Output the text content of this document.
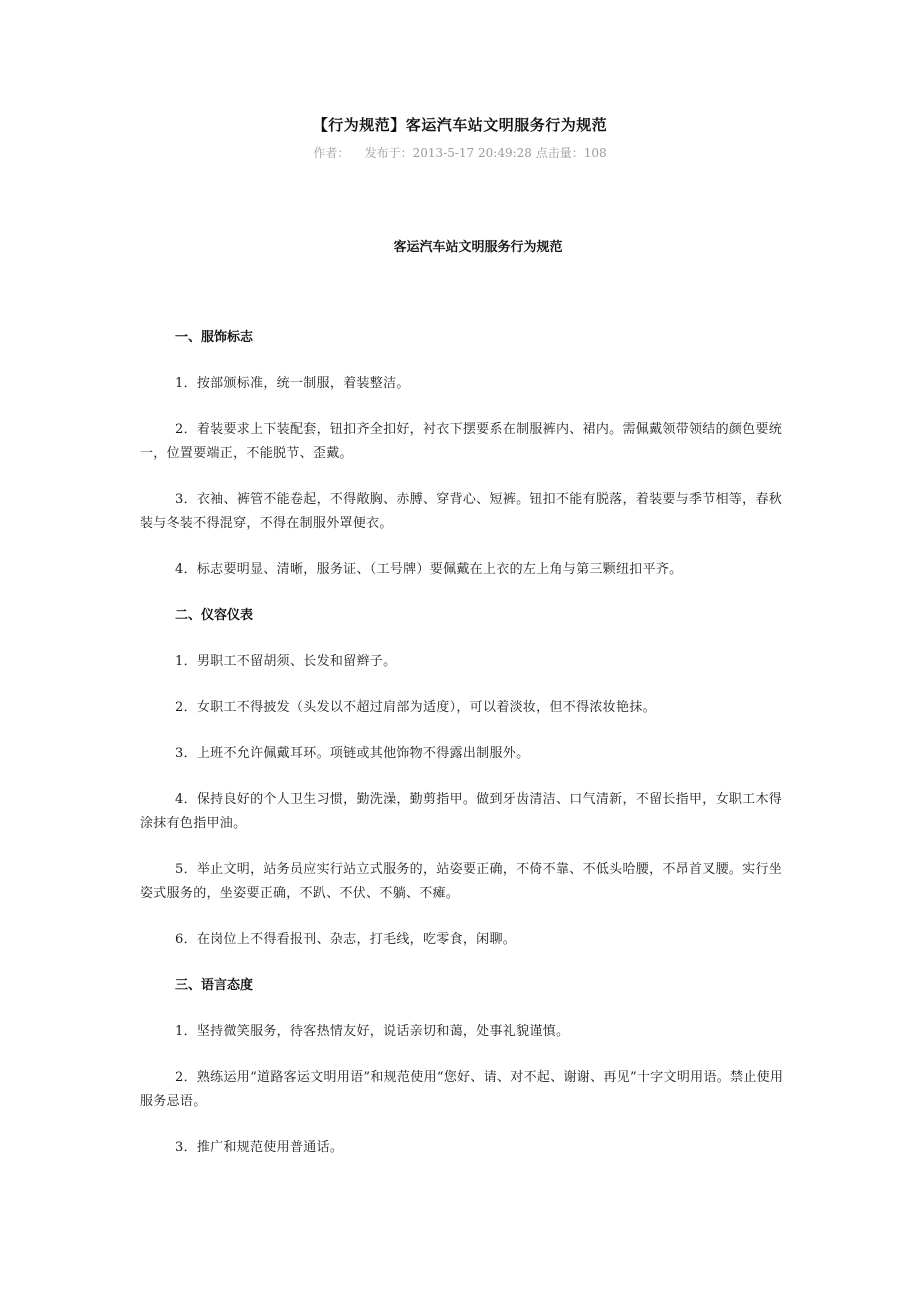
【行为规范】客运汽车站文明服务行为规范
作者： 发布于：2013-5-17 20:49:28 点击量：108
客运汽车站文明服务行为规范
一、服饰标志

1．按部颁标准，统一制服，着装整洁。

2．着装要求上下装配套，钮扣齐全扣好，衬衣下摆要系在制服裤内、裙内。需佩戴领带领结的颜色要统一，位置要端正，不能脱节、歪戴。

3．衣袖、裤管不能卷起，不得敞胸、赤膊、穿背心、短裤。钮扣不能有脱落，着装要与季节相等，春秋装与冬装不得混穿，不得在制服外罩便衣。

4．标志要明显、清晰，服务证、（工号牌）要佩戴在上衣的左上角与第三颗纽扣平齐。

二、仪容仪表

1．男职工不留胡须、长发和留辫子。

2．女职工不得披发（头发以不超过肩部为适度），可以着淡妆，但不得浓妆艳抹。

3．上班不允许佩戴耳环。项链或其他饰物不得露出制服外。

4．保持良好的个人卫生习惯，勤洗澡，勤剪指甲。做到牙齿清洁、口气清新，不留长指甲，女职工木得涂抹有色指甲油。

5．举止文明，站务员应实行站立式服务的，站姿要正确，不倚不靠、不低头哈腰，不昂首叉腰。实行坐姿式服务的，坐姿要正确，不趴、不伏、不躺、不瘫。

6．在岗位上不得看报刊、杂志，打毛线，吃零食，闲聊。

三、语言态度

1．坚持微笑服务，待客热情友好，说话亲切和蔼，处事礼貌谨慎。

2．熟练运用“道路客运文明用语”和规范使用“您好、请、对不起、谢谢、再见”十字文明用语。禁止使用服务忌语。

3．推广和规范使用普通话。
